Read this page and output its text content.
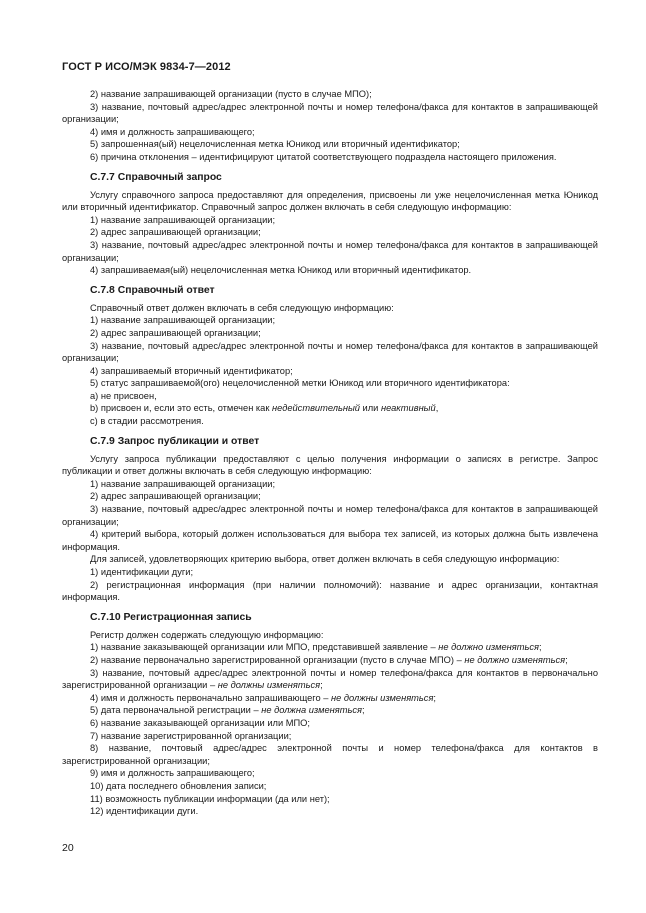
ГОСТ Р ИСО/МЭК 9834-7—2012

2) название запрашивающей организации (пусто в случае МПО);

3) название, почтовый адрес/адрес электронной почты и номер телефона/факса для контактов в запрашивающей организации;

4) имя и должность запрашивающего;

5) запрошенная(ый) нецелочисленная метка Юникод или вторичный идентификатор;

6) причина отклонения – идентифицируют цитатой соответствующего подраздела настоящего приложения.

С.7.7 Справочный запрос

Услугу справочного запроса предоставляют для определения, присвоены ли уже нецелочисленная метка Юникод или вторичный идентификатор. Справочный запрос должен включать в себя следующую информацию:

1) название запрашивающей организации;

2) адрес запрашивающей организации;

3) название, почтовый адрес/адрес электронной почты и номер телефона/факса для контактов в запрашивающей организации;

4) запрашиваемая(ый) нецелочисленная метка Юникод или вторичный идентификатор.

С.7.8 Справочный ответ

Справочный ответ должен включать в себя следующую информацию:

1) название запрашивающей организации;

2) адрес запрашивающей организации;

3) название, почтовый адрес/адрес электронной почты и номер телефона/факса для контактов в запрашивающей организации;

4) запрашиваемый вторичный идентификатор;

5) статус запрашиваемой(ого) нецелочисленной метки Юникод или вторичного идентификатора:

a) не присвоен,

b) присвоен и, если это есть, отмечен как недействительный или неактивный,

c) в стадии рассмотрения.

С.7.9 Запрос публикации и ответ

Услугу запроса публикации предоставляют с целью получения информации о записях в регистре. Запрос публикации и ответ должны включать в себя следующую информацию:

1) название запрашивающей организации;

2) адрес запрашивающей организации;

3) название, почтовый адрес/адрес электронной почты и номер телефона/факса для контактов в запрашивающей организации;

4) критерий выбора, который должен использоваться для выбора тех записей, из которых должна быть извлечена информация.

Для записей, удовлетворяющих критерию выбора, ответ должен включать в себя следующую информацию:

1) идентификации дуги;

2) регистрационная информация (при наличии полномочий): название и адрес организации, контактная информация.

С.7.10 Регистрационная запись

Регистр должен содержать следующую информацию:

1) название заказывающей организации или МПО, представившей заявление – не должно изменяться;

2) название первоначально зарегистрированной организации (пусто в случае МПО) – не должно изменяться;

3) название, почтовый адрес/адрес электронной почты и номер телефона/факса для контактов в первоначально зарегистрированной организации – не должны изменяться;

4) имя и должность первоначально запрашивающего – не должны изменяться;

5) дата первоначальной регистрации – не должна изменяться;

6) название заказывающей организации или МПО;

7) название зарегистрированной организации;

8) название, почтовый адрес/адрес электронной почты и номер телефона/факса для контактов в зарегистрированной организации;

9) имя и должность запрашивающего;

10) дата последнего обновления записи;

11) возможность публикации информации (да или нет);

12) идентификации дуги.

20
